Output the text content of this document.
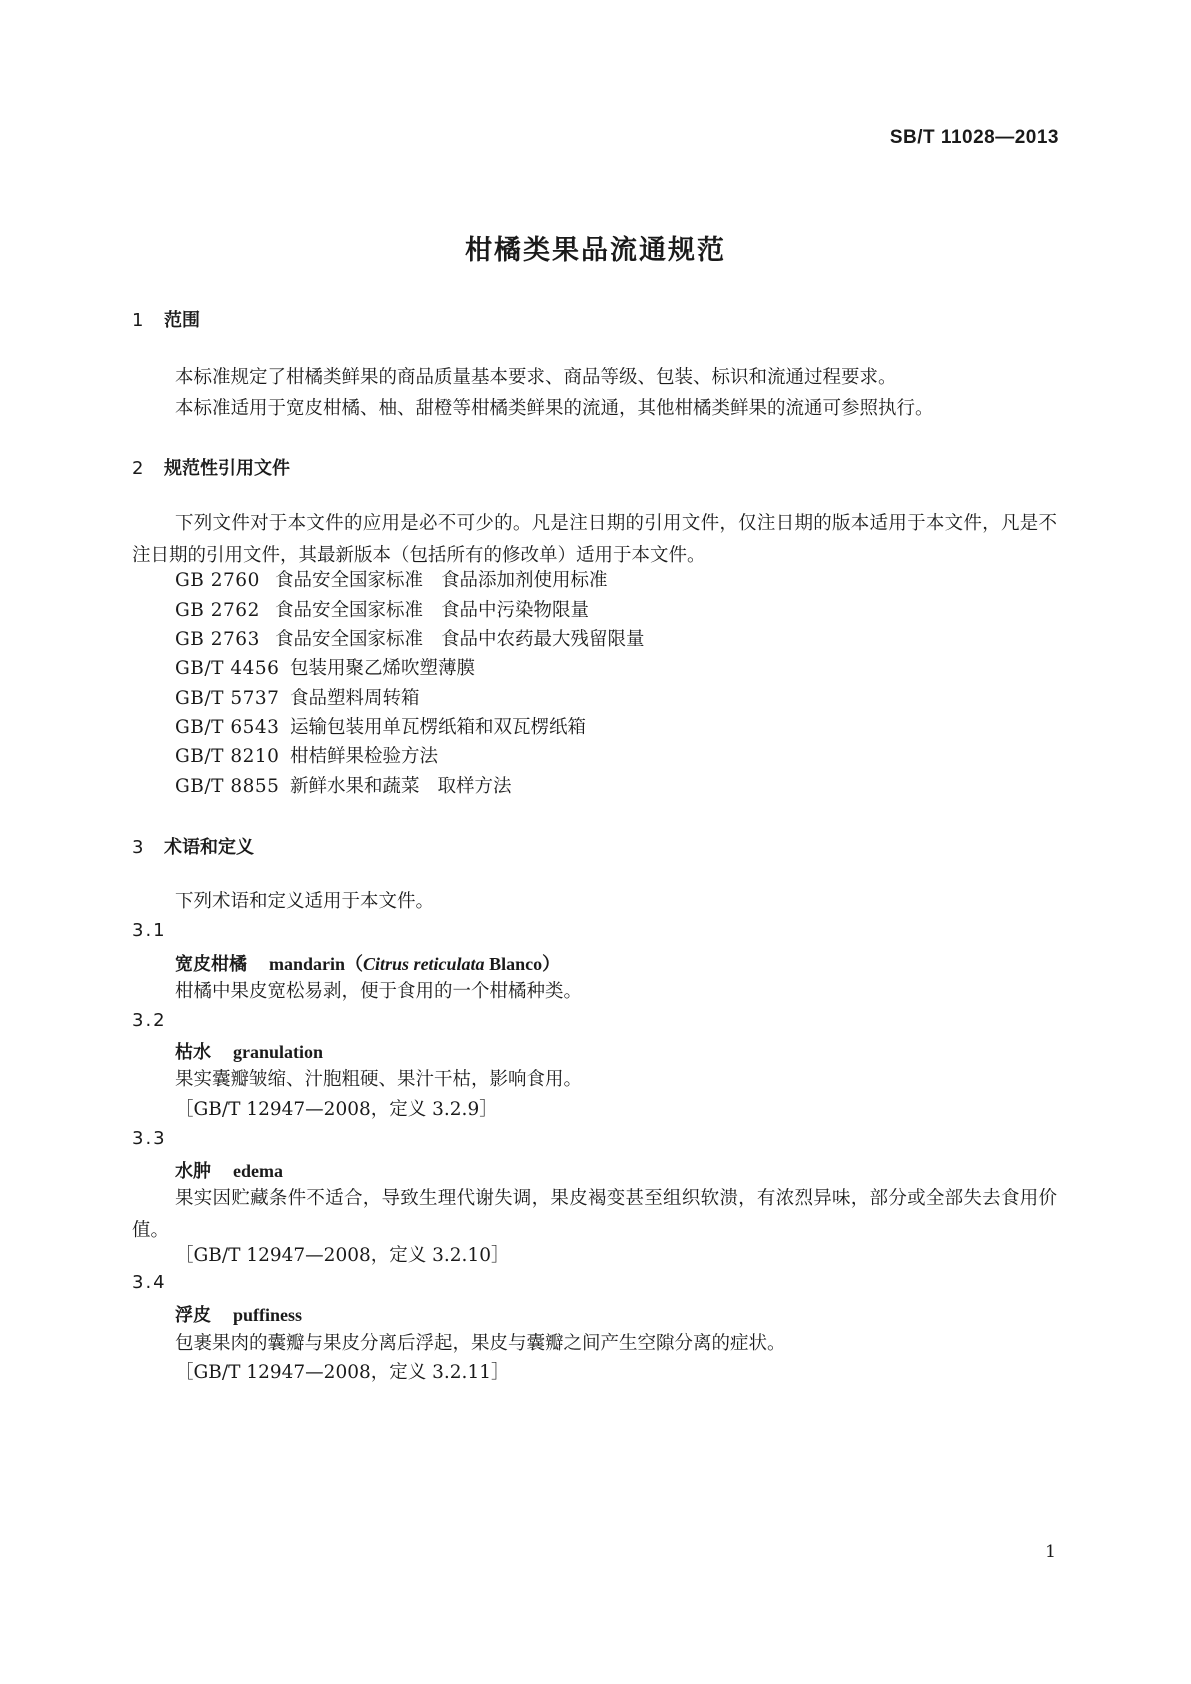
SB/T 11028—2013
柑橘类果品流通规范
1 范围
本标准规定了柑橘类鲜果的商品质量基本要求、商品等级、包装、标识和流通过程要求。
本标准适用于宽皮柑橘、柚、甜橙等柑橘类鲜果的流通，其他柑橘类鲜果的流通可参照执行。
2 规范性引用文件
下列文件对于本文件的应用是必不可少的。凡是注日期的引用文件，仅注日期的版本适用于本文件，凡是不注日期的引用文件，其最新版本（包括所有的修改单）适用于本文件。
GB 2760 食品安全国家标准 食品添加剂使用标准
GB 2762 食品安全国家标准 食品中污染物限量
GB 2763 食品安全国家标准 食品中农药最大残留限量
GB/T 4456 包装用聚乙烯吹塑薄膜
GB/T 5737 食品塑料周转箱
GB/T 6543 运输包装用单瓦楞纸箱和双瓦楞纸箱
GB/T 8210 柑桔鲜果检验方法
GB/T 8855 新鲜水果和蔬菜 取样方法
3 术语和定义
下列术语和定义适用于本文件。
3.1
宽皮柑橘 mandarin（Citrus reticulata Blanco）
柑橘中果皮宽松易剥，便于食用的一个柑橘种类。
3.2
枯水 granulation
果实囊瓣皱缩、汁胞粗硬、果汁干枯，影响食用。
［GB/T 12947—2008，定义 3.2.9］
3.3
水肿 edema
果实因贮藏条件不适合，导致生理代谢失调，果皮褐变甚至组织软溃，有浓烈异味，部分或全部失去食用价值。
［GB/T 12947—2008，定义 3.2.10］
3.4
浮皮 puffiness
包裹果肉的囊瓣与果皮分离后浮起，果皮与囊瓣之间产生空隙分离的症状。
［GB/T 12947—2008，定义 3.2.11］
1
